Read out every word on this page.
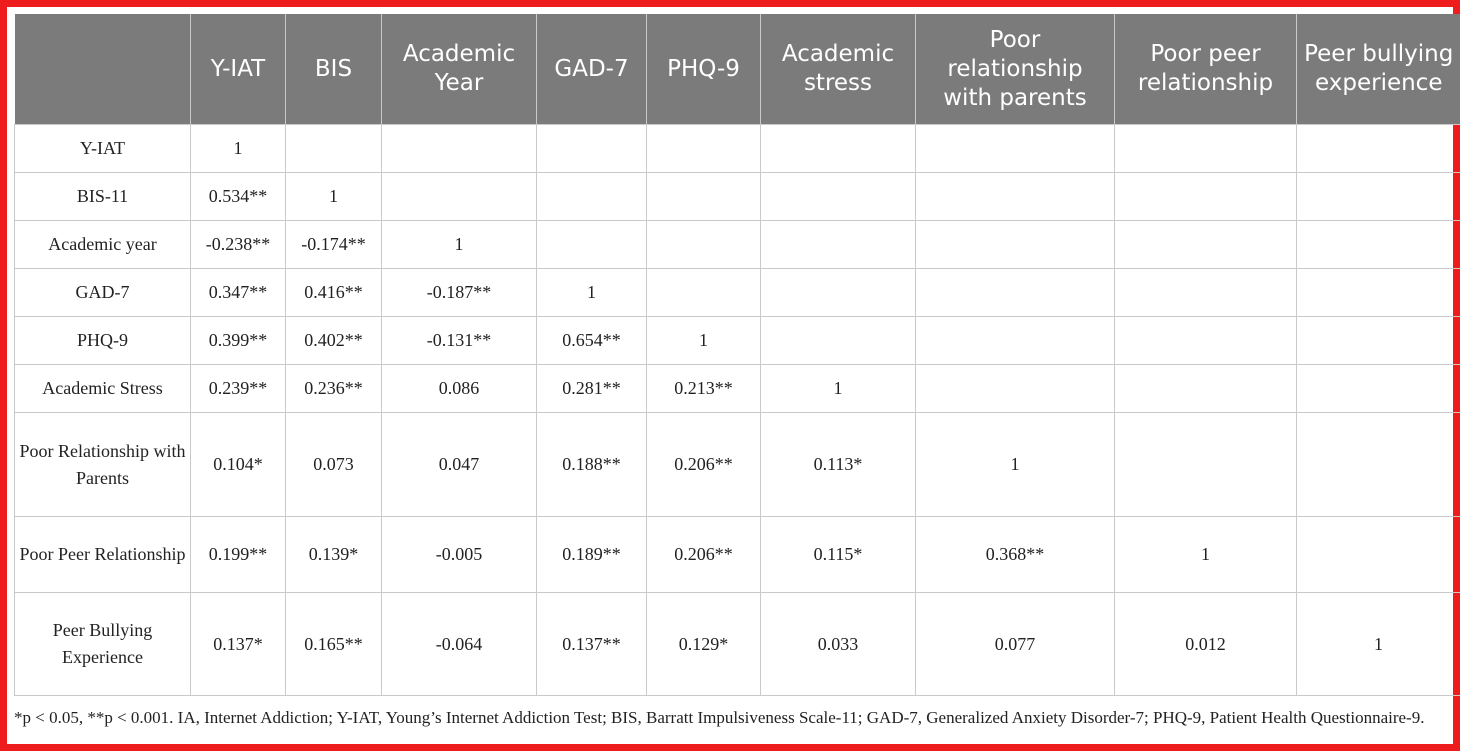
	Y-IAT	BIS	Academic Year	GAD-7	PHQ-9	Academic stress	Poor relationship with parents	Poor peer relationship	Peer bullying experience
Y-IAT	1								
BIS-11	0.534**	1							
Academic year	-0.238**	-0.174**	1						
GAD-7	0.347**	0.416**	-0.187**	1					
PHQ-9	0.399**	0.402**	-0.131**	0.654**	1				
Academic Stress	0.239**	0.236**	0.086	0.281**	0.213**	1			
Poor Relationship with Parents	0.104*	0.073	0.047	0.188**	0.206**	0.113*	1		
Poor Peer Relationship	0.199**	0.139*	-0.005	0.189**	0.206**	0.115*	0.368**	1	
Peer Bullying Experience	0.137*	0.165**	-0.064	0.137**	0.129*	0.033	0.077	0.012	1
*p < 0.05, **p < 0.001. IA, Internet Addiction; Y-IAT, Young’s Internet Addiction Test; BIS, Barratt Impulsiveness Scale-11; GAD-7, Generalized Anxiety Disorder-7; PHQ-9, Patient Health Questionnaire-9.
